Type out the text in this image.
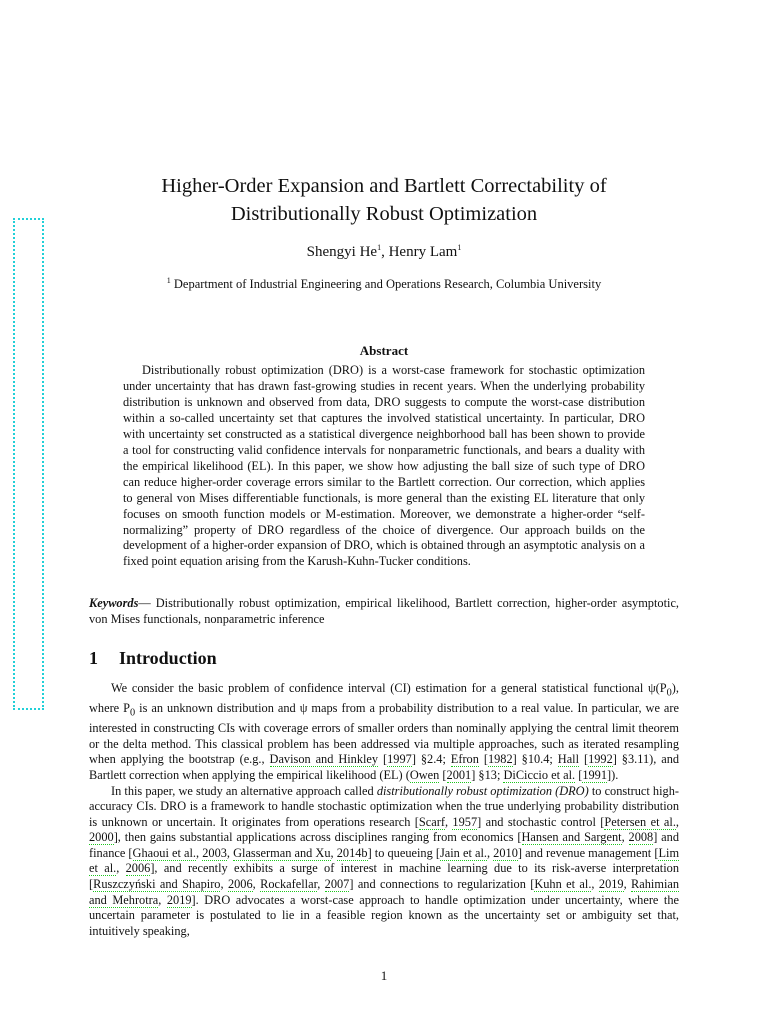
Higher-Order Expansion and Bartlett Correctability of
Distributionally Robust Optimization
Shengyi He$^1$, Henry Lam$^1$
$^1$ Department of Industrial Engineering and Operations Research, Columbia University
Abstract

Distributionally robust optimization (DRO) is a worst-case framework for stochastic optimization under uncertainty that has drawn fast-growing studies in recent years. When the underlying probability distribution is unknown and observed from data, DRO suggests to compute the worst-case distribution within a so-called uncertainty set that captures the involved statistical uncertainty. In particular, DRO with uncertainty set constructed as a statistical divergence neighborhood ball has been shown to provide a tool for constructing valid confidence intervals for nonparametric functionals, and bears a duality with the empirical likelihood (EL). In this paper, we show how adjusting the ball size of such type of DRO can reduce higher-order coverage errors similar to the Bartlett correction. Our correction, which applies to general von Mises differentiable functionals, is more general than the existing EL literature that only focuses on smooth function models or M-estimation. Moreover, we demonstrate a higher-order “self-normalizing” property of DRO regardless of the choice of divergence. Our approach builds on the development of a higher-order expansion of DRO, which is obtained through an asymptotic analysis on a fixed point equation arising from the Karush-Kuhn-Tucker conditions.

Keywords— Distributionally robust optimization, empirical likelihood, Bartlett correction, higher-order asymptotic, von Mises functionals, nonparametric inference

1 Introduction

We consider the basic problem of confidence interval (CI) estimation for a general statistical functional $\psi(P_0)$, where $P_0$ is an unknown distribution and ψ maps from a probability distribution to a real value. In particular, we are interested in constructing CIs with coverage errors of smaller orders than nominally applying the central limit theorem or the delta method. This classical problem has been addressed via multiple approaches, such as iterated resampling when applying the bootstrap (e.g., Davison and Hinkley [1997] §2.4; Efron [1982] §10.4; Hall [1992] §3.11), and Bartlett correction when applying the empirical likelihood (EL) (Owen [2001] §13; DiCiccio et al. [1991]).

In this paper, we study an alternative approach called distributionally robust optimization (DRO) to construct high-accuracy CIs. DRO is a framework to handle stochastic optimization when the true underlying probability distribution is unknown or uncertain. It originates from operations research [Scarf, 1957] and stochastic control [Petersen et al., 2000], then gains substantial applications across disciplines ranging from economics [Hansen and Sargent, 2008] and finance [Ghaoui et al., 2003, Glasserman and Xu, 2014b] to queueing [Jain et al., 2010] and revenue management [Lim et al., 2006], and recently exhibits a surge of interest in machine learning due to its risk-averse interpretation [Ruszczyński and Shapiro, 2006, Rockafellar, 2007] and connections to regularization [Kuhn et al., 2019, Rahimian and Mehrotra, 2019]. DRO advocates a worst-case approach to handle optimization under uncertainty, where the uncertain parameter is postulated to lie in a feasible region known as the uncertainty set or ambiguity set that, intuitively speaking,

1
